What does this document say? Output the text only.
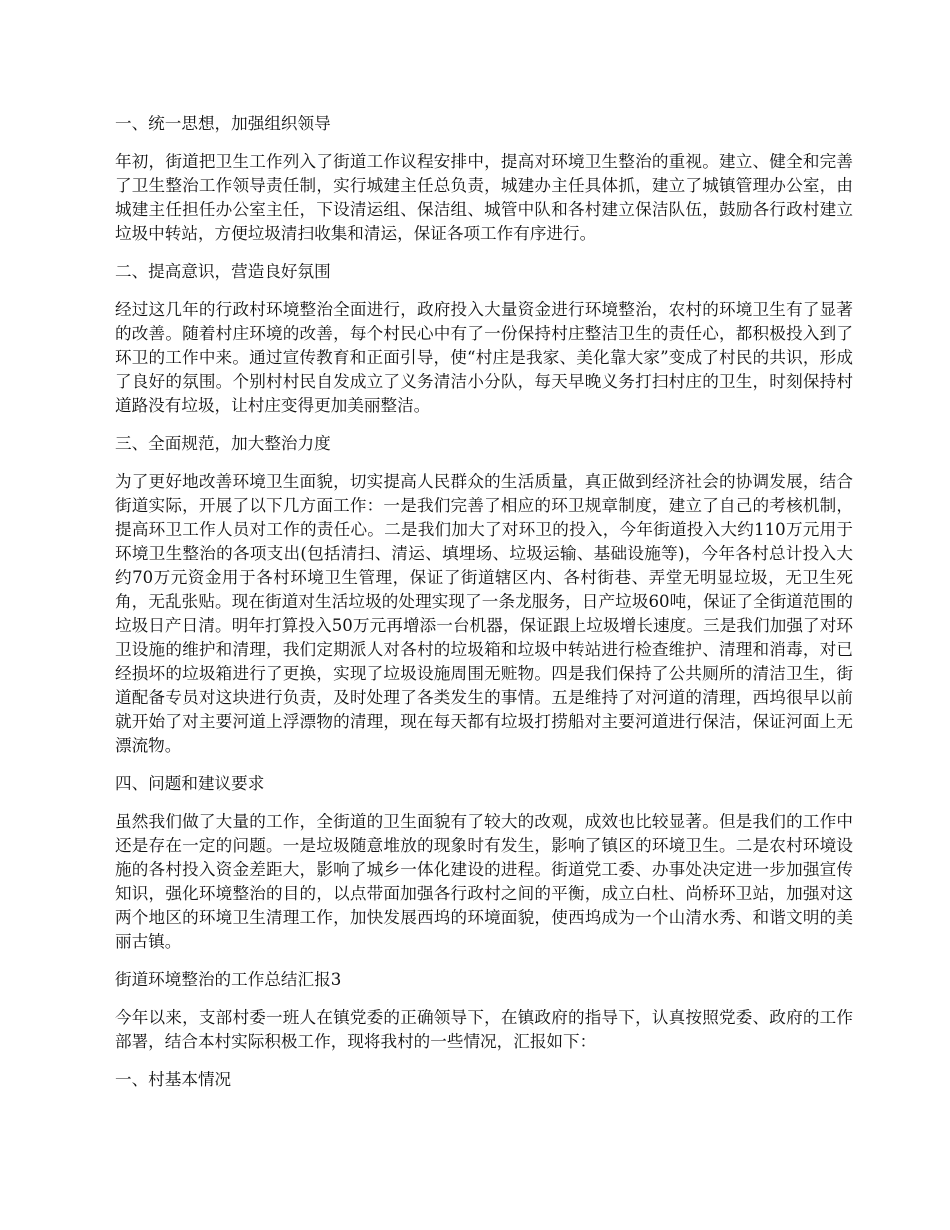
一、统一思想，加强组织领导
年初，街道把卫生工作列入了街道工作议程安排中，提高对环境卫生整治的重视。建立、健全和完善了卫生整治工作领导责任制，实行城建主任总负责，城建办主任具体抓，建立了城镇管理办公室，由城建主任担任办公室主任，下设清运组、保洁组、城管中队和各村建立保洁队伍，鼓励各行政村建立垃圾中转站，方便垃圾清扫收集和清运，保证各项工作有序进行。
二、提高意识，营造良好氛围
经过这几年的行政村环境整治全面进行，政府投入大量资金进行环境整治，农村的环境卫生有了显著的改善。随着村庄环境的改善，每个村民心中有了一份保持村庄整洁卫生的责任心，都积极投入到了环卫的工作中来。通过宣传教育和正面引导，使“村庄是我家、美化靠大家”变成了村民的共识，形成了良好的氛围。个别村村民自发成立了义务清洁小分队，每天早晚义务打扫村庄的卫生，时刻保持村道路没有垃圾，让村庄变得更加美丽整洁。
三、全面规范，加大整治力度
为了更好地改善环境卫生面貌，切实提高人民群众的生活质量，真正做到经济社会的协调发展，结合街道实际，开展了以下几方面工作：一是我们完善了相应的环卫规章制度，建立了自己的考核机制，提高环卫工作人员对工作的责任心。二是我们加大了对环卫的投入，今年街道投入大约110万元用于环境卫生整治的各项支出(包括清扫、清运、填埋场、垃圾运输、基础设施等)，今年各村总计投入大约70万元资金用于各村环境卫生管理，保证了街道辖区内、各村街巷、弄堂无明显垃圾，无卫生死角，无乱张贴。现在街道对生活垃圾的处理实现了一条龙服务，日产垃圾60吨，保证了全街道范围的垃圾日产日清。明年打算投入50万元再增添一台机器，保证跟上垃圾增长速度。三是我们加强了对环卫设施的维护和清理，我们定期派人对各村的垃圾箱和垃圾中转站进行检查维护、清理和消毒，对已经损坏的垃圾箱进行了更换，实现了垃圾设施周围无赃物。四是我们保持了公共厕所的清洁卫生，街道配备专员对这块进行负责，及时处理了各类发生的事情。五是维持了对河道的清理，西坞很早以前就开始了对主要河道上浮漂物的清理，现在每天都有垃圾打捞船对主要河道进行保洁，保证河面上无漂流物。
四、问题和建议要求
虽然我们做了大量的工作，全街道的卫生面貌有了较大的改观，成效也比较显著。但是我们的工作中还是存在一定的问题。一是垃圾随意堆放的现象时有发生，影响了镇区的环境卫生。二是农村环境设施的各村投入资金差距大，影响了城乡一体化建设的进程。街道党工委、办事处决定进一步加强宣传知识，强化环境整治的目的，以点带面加强各行政村之间的平衡，成立白杜、尚桥环卫站，加强对这两个地区的环境卫生清理工作，加快发展西坞的环境面貌，使西坞成为一个山清水秀、和谐文明的美丽古镇。
街道环境整治的工作总结汇报3
今年以来，支部村委一班人在镇党委的正确领导下，在镇政府的指导下，认真按照党委、政府的工作部署，结合本村实际积极工作，现将我村的一些情况，汇报如下：
一、村基本情况
